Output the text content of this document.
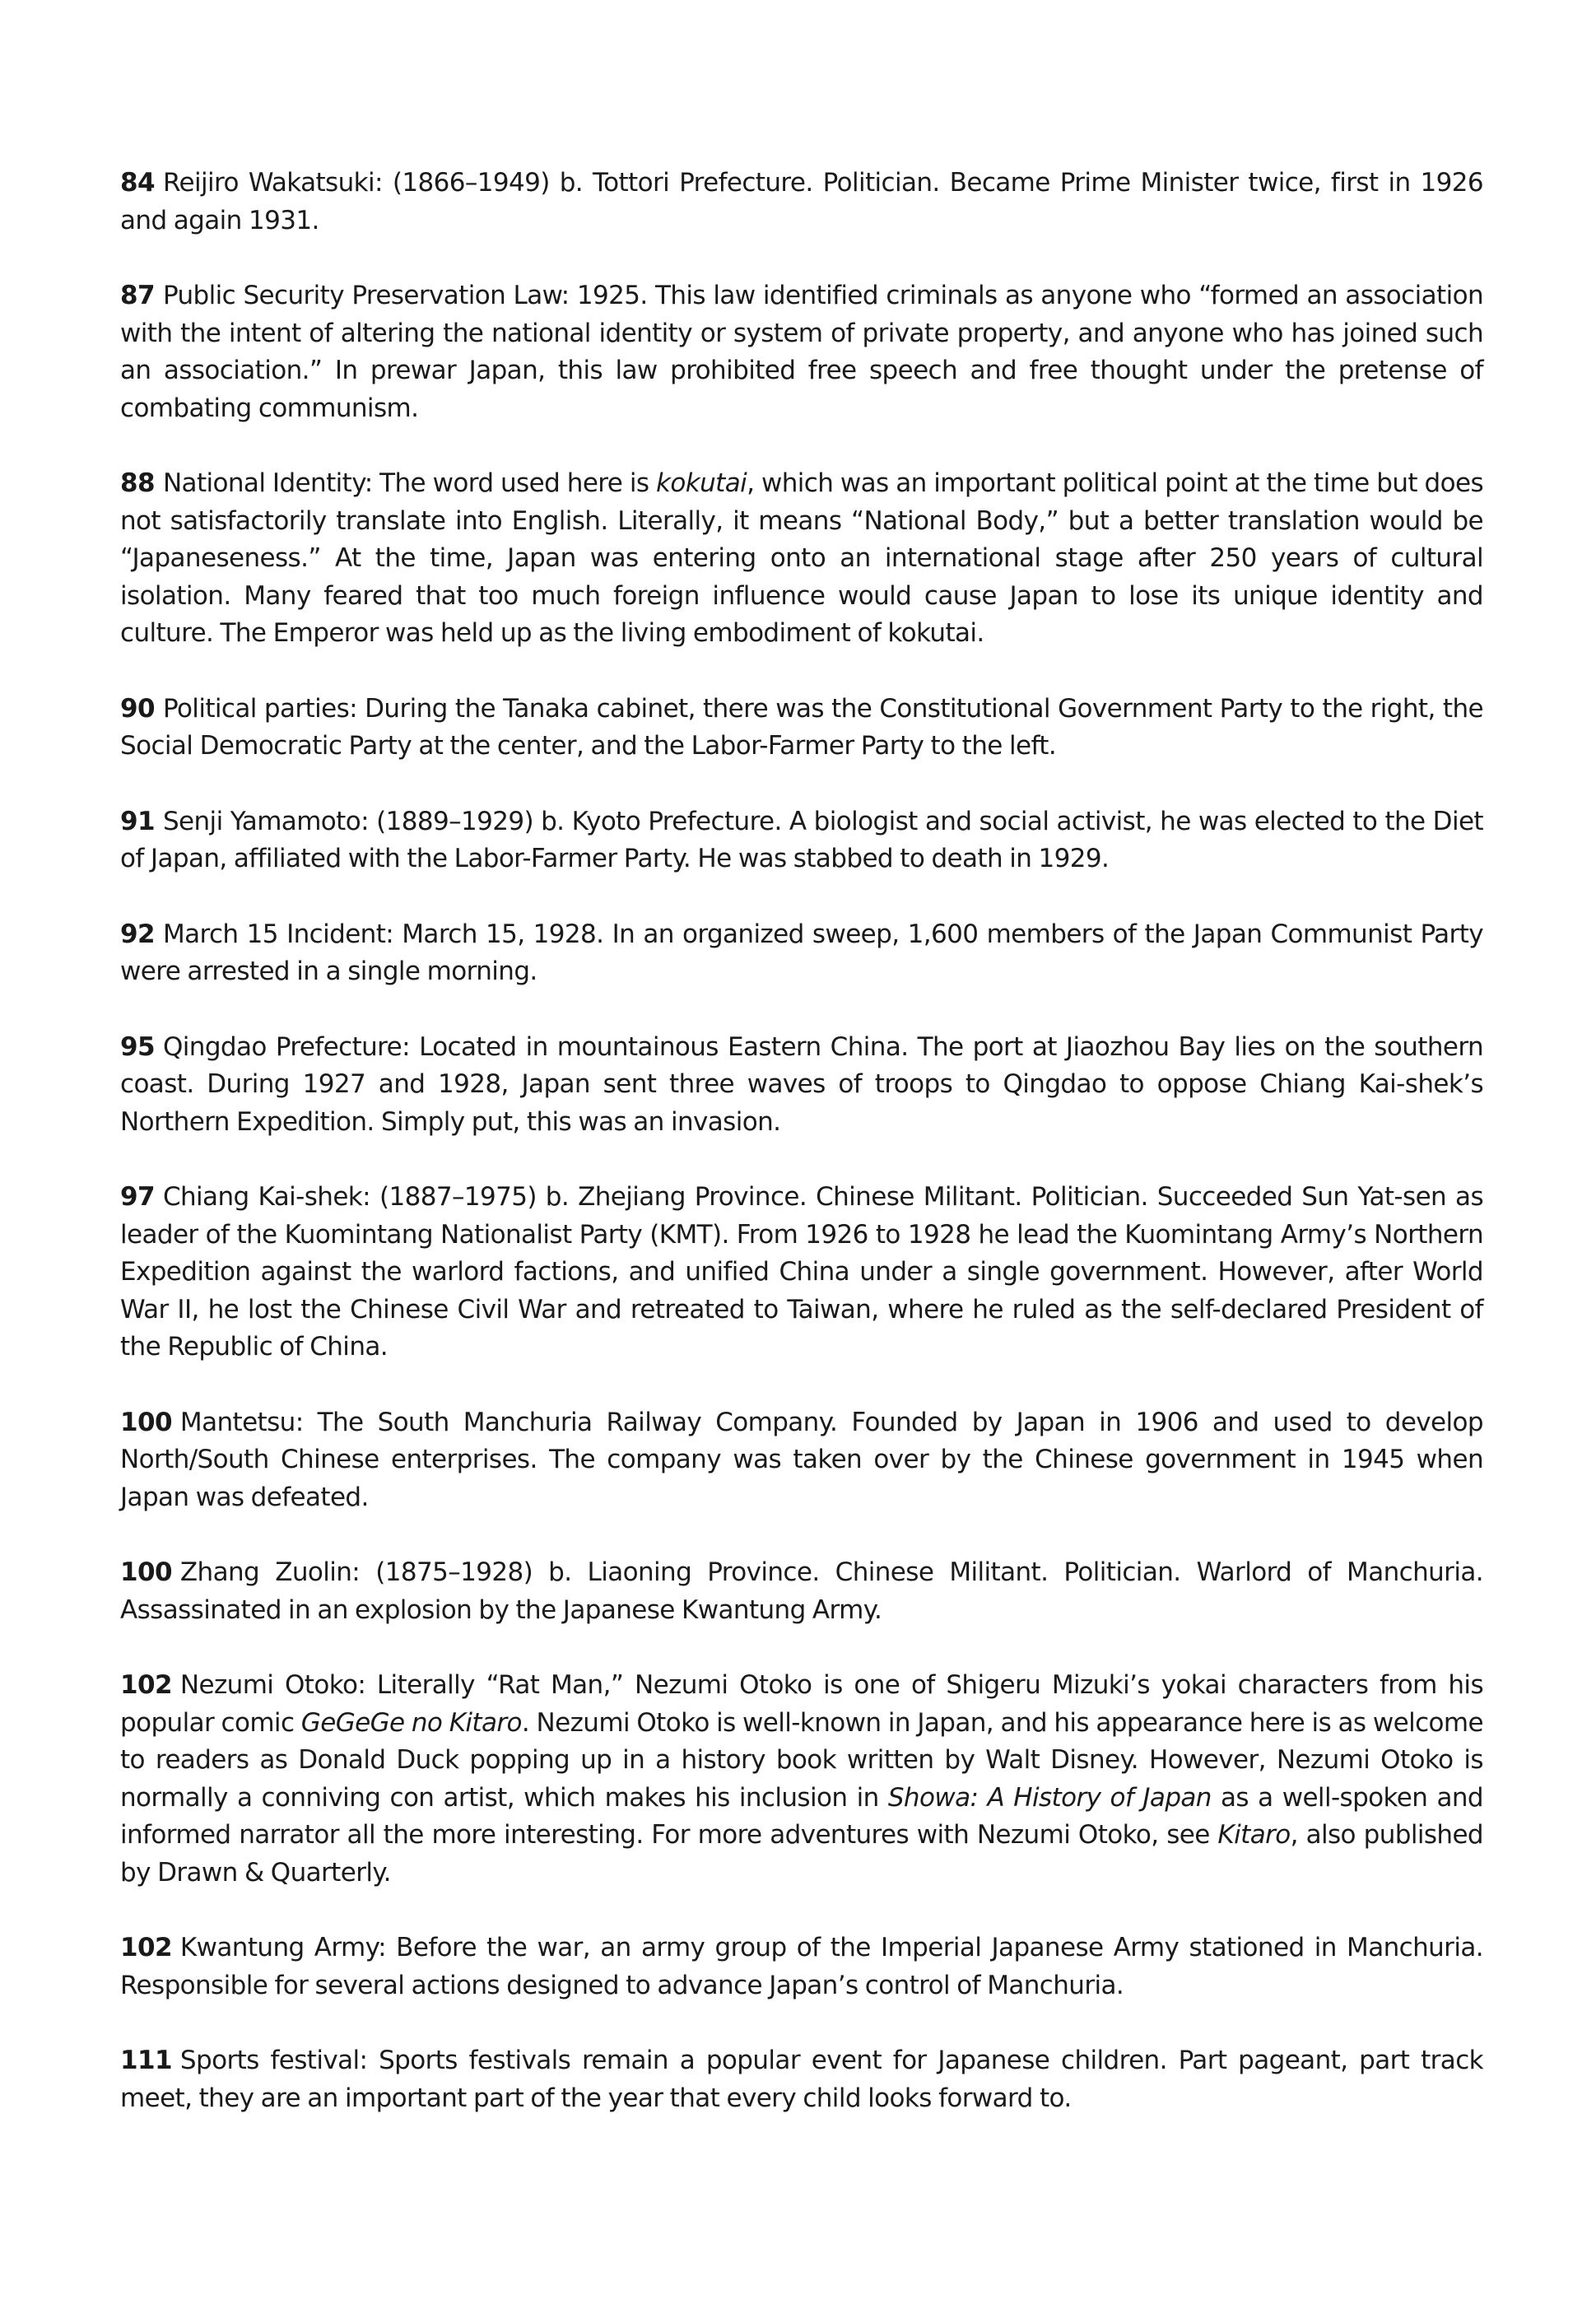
84 Reijiro Wakatsuki: (1866–1949) b. Tottori Prefecture. Politician. Became Prime Minister twice, first in 1926 and again 1931.

87 Public Security Preservation Law: 1925. This law identified criminals as anyone who “formed an association with the intent of altering the national identity or system of private property, and anyone who has joined such an association.” In prewar Japan, this law prohibited free speech and free thought under the pretense of combating communism.

88 National Identity: The word used here is kokutai, which was an important political point at the time but does not satisfactorily translate into English. Literally, it means “National Body,” but a better translation would be “Japaneseness.” At the time, Japan was entering onto an international stage after 250 years of cultural isolation. Many feared that too much foreign influence would cause Japan to lose its unique identity and culture. The Emperor was held up as the living embodiment of kokutai.

90 Political parties: During the Tanaka cabinet, there was the Constitutional Government Party to the right, the Social Democratic Party at the center, and the Labor-Farmer Party to the left.

91 Senji Yamamoto: (1889–1929) b. Kyoto Prefecture. A biologist and social activist, he was elected to the Diet of Japan, affiliated with the Labor-Farmer Party. He was stabbed to death in 1929.

92 March 15 Incident: March 15, 1928. In an organized sweep, 1,600 members of the Japan Communist Party were arrested in a single morning.

95 Qingdao Prefecture: Located in mountainous Eastern China. The port at Jiaozhou Bay lies on the southern coast. During 1927 and 1928, Japan sent three waves of troops to Qingdao to oppose Chiang Kai-shek’s Northern Expedition. Simply put, this was an invasion.

97 Chiang Kai-shek: (1887–1975) b. Zhejiang Province. Chinese Militant. Politician. Succeeded Sun Yat-sen as leader of the Kuomintang Nationalist Party (KMT). From 1926 to 1928 he lead the Kuomintang Army’s Northern Expedition against the warlord factions, and unified China under a single government. However, after World War II, he lost the Chinese Civil War and retreated to Taiwan, where he ruled as the self-declared President of the Republic of China.

100 Mantetsu: The South Manchuria Railway Company. Founded by Japan in 1906 and used to develop North/South Chinese enterprises. The company was taken over by the Chinese government in 1945 when Japan was defeated.

100 Zhang Zuolin: (1875–1928) b. Liaoning Province. Chinese Militant. Politician. Warlord of Manchuria. Assassinated in an explosion by the Japanese Kwantung Army.

102 Nezumi Otoko: Literally “Rat Man,” Nezumi Otoko is one of Shigeru Mizuki’s yokai characters from his popular comic GeGeGe no Kitaro. Nezumi Otoko is well-known in Japan, and his appearance here is as welcome to readers as Donald Duck popping up in a history book written by Walt Disney. However, Nezumi Otoko is normally a conniving con artist, which makes his inclusion in Showa: A History of Japan as a well-spoken and informed narrator all the more interesting. For more adventures with Nezumi Otoko, see Kitaro, also published by Drawn & Quarterly.

102 Kwantung Army: Before the war, an army group of the Imperial Japanese Army stationed in Manchuria. Responsible for several actions designed to advance Japan’s control of Manchuria.

111 Sports festival: Sports festivals remain a popular event for Japanese children. Part pageant, part track meet, they are an important part of the year that every child looks forward to.
